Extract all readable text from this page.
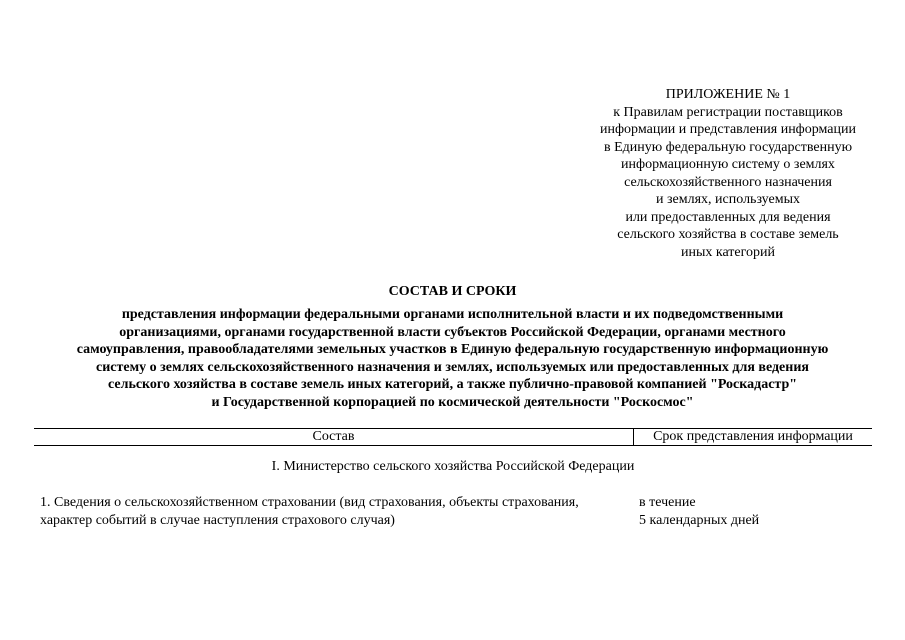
ПРИЛОЖЕНИЕ № 1
к Правилам регистрации поставщиков
информации и представления информации
в Единую федеральную государственную
информационную систему о землях
сельскохозяйственного назначения
и землях, используемых
или предоставленных для ведения
сельского хозяйства в составе земель
иных категорий
СОСТАВ И СРОКИ
представления информации федеральными органами исполнительной власти и их подведомственными
организациями, органами государственной власти субъектов Российской Федерации, органами местного
самоуправления, правообладателями земельных участков в Единую федеральную государственную информационную
систему о землях сельскохозяйственного назначения и землях, используемых или предоставленных для ведения
сельского хозяйства в составе земель иных категорий, а также публично-правовой компанией "Роскадастр"
и Государственной корпорацией по космической деятельности "Роскосмос"
Состав	Срок представления информации
I. Министерство сельского хозяйства Российской Федерации
1. Сведения о сельскохозяйственном страховании (вид страхования, объекты страхования,
характер событий в случае наступления страхового случая)
в течение
5 календарных дней
